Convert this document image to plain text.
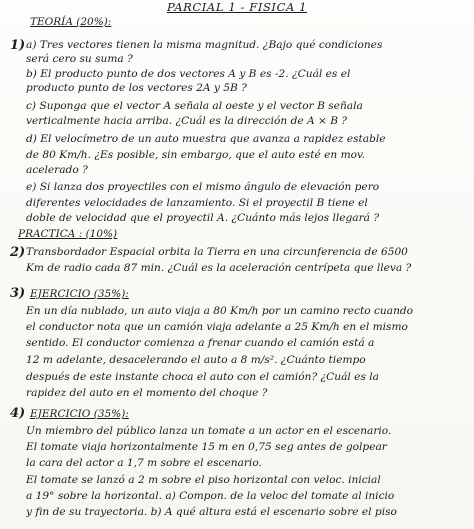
PARCIAL 1 - FISICA 1
TEORÍA (20%):
1) a) Tres vectores tienen la misma magnitud. ¿Bajo qué condiciones
será cero su suma ?
b) El producto punto de dos vectores A y B es -2. ¿Cuál es el
producto punto de los vectores 2A y 5B ?
c) Suponga que el vector A señala al oeste y el vector B señala
verticalmente hacia arriba. ¿Cuál es la dirección de A × B ?
d) El velocímetro de un auto muestra que avanza a rapidez estable
de 80 Km/h. ¿Es posible, sin embargo, que el auto esté en mov.
acelerado ?
e) Si lanza dos proyectiles con el mismo ángulo de elevación pero
diferentes velocidades de lanzamiento. Si el proyectil B tiene el
doble de velocidad que el proyectil A. ¿Cuánto más lejos llegará ?
PRACTICA : (10%)
2) Transbordador Espacial orbita la Tierra en una circunferencia de 6500
Km de radio cada 87 min. ¿Cuál es la aceleración centrípeta que lleva ?
3) EJERCICIO (35%):
En un día nublado, un auto viaja a 80 Km/h por un camino recto cuando
el conductor nota que un camión viaja adelante a 25 Km/h en el mismo
sentido. El conductor comienza a frenar cuando el camión está a
12 m adelante, desacelerando el auto a 8 m/s². ¿Cuánto tiempo
después de este instante choca el auto con el camión? ¿Cuál es la
rapidez del auto en el momento del choque ?
4) EJERCICIO (35%):
Un miembro del público lanza un tomate a un actor en el escenario.
El tomate viaja horizontalmente 15 m en 0,75 seg antes de golpear
la cara del actor a 1,7 m sobre el escenario.
El tomate se lanzó a 2 m sobre el piso horizontal con veloc. inicial
a 19° sobre la horizontal. a) Compon. de la veloc del tomate al inicio
y fin de su trayectoria. b) A qué altura está el escenario sobre el piso
